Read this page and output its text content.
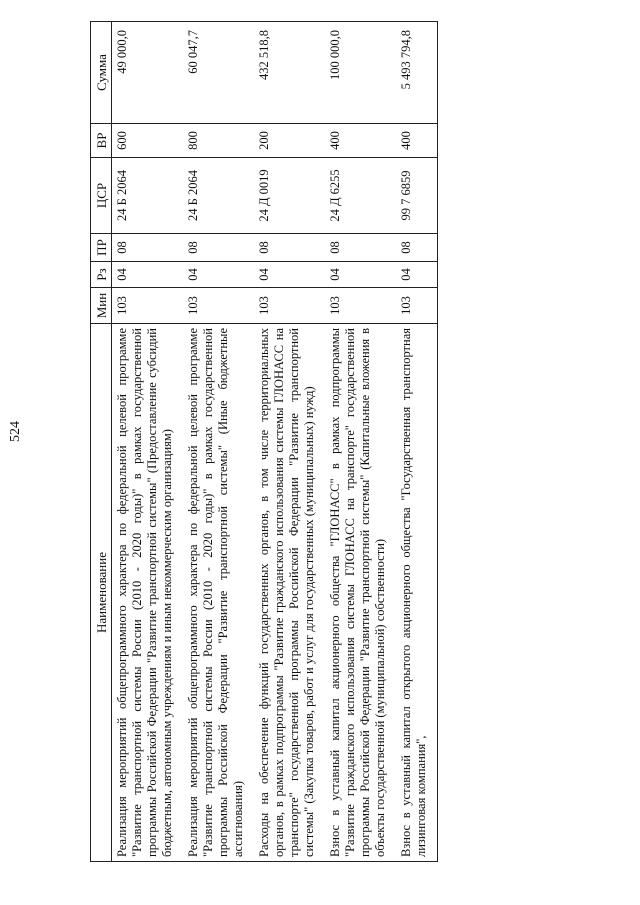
524
Наименование	Мин	Рз	ПР	ЦСР	ВР	Сумма
Реализация мероприятий общепрограммного характера по федеральной целевой программе "Развитие транспортной системы России (2010 - 2020 годы)" в рамках государственной программы Российской Федерации "Развитие транспортной системы" (Предоставление субсидий бюджетным, автономным учреждениям и иным некоммерческим организациям)	103	04	08	24 Б 2064	600	49 000,0
Реализация мероприятий общепрограммного характера по федеральной целевой программе "Развитие транспортной системы России (2010 - 2020 годы)" в рамках государственной программы Российской Федерации "Развитие транспортной системы" (Иные бюджетные ассигнования)	103	04	08	24 Б 2064	800	60 047,7
Расходы на обеспечение функций государственных органов, в том числе территориальных органов, в рамках подпрограммы "Развитие гражданского использования системы ГЛОНАСС на транспорте" государственной программы Российской Федерации "Развитие транспортной системы" (Закупка товаров, работ и услуг для государственных (муниципальных) нужд)	103	04	08	24 Д 0019	200	432 518,8
Взнос в уставный капитал акционерного общества "ГЛОНАСС" в рамках подпрограммы "Развитие гражданского использования системы ГЛОНАСС на транспорте" государственной программы Российской Федерации "Развитие транспортной системы" (Капитальные вложения в объекты государственной (муниципальной) собственности)	103	04	08	24 Д 6255	400	100 000,0
Взнос в уставный капитал открытого акционерного общества "Государственная транспортная лизинговая компания",	103	04	08	99 7 6859	400	5 493 794,8
